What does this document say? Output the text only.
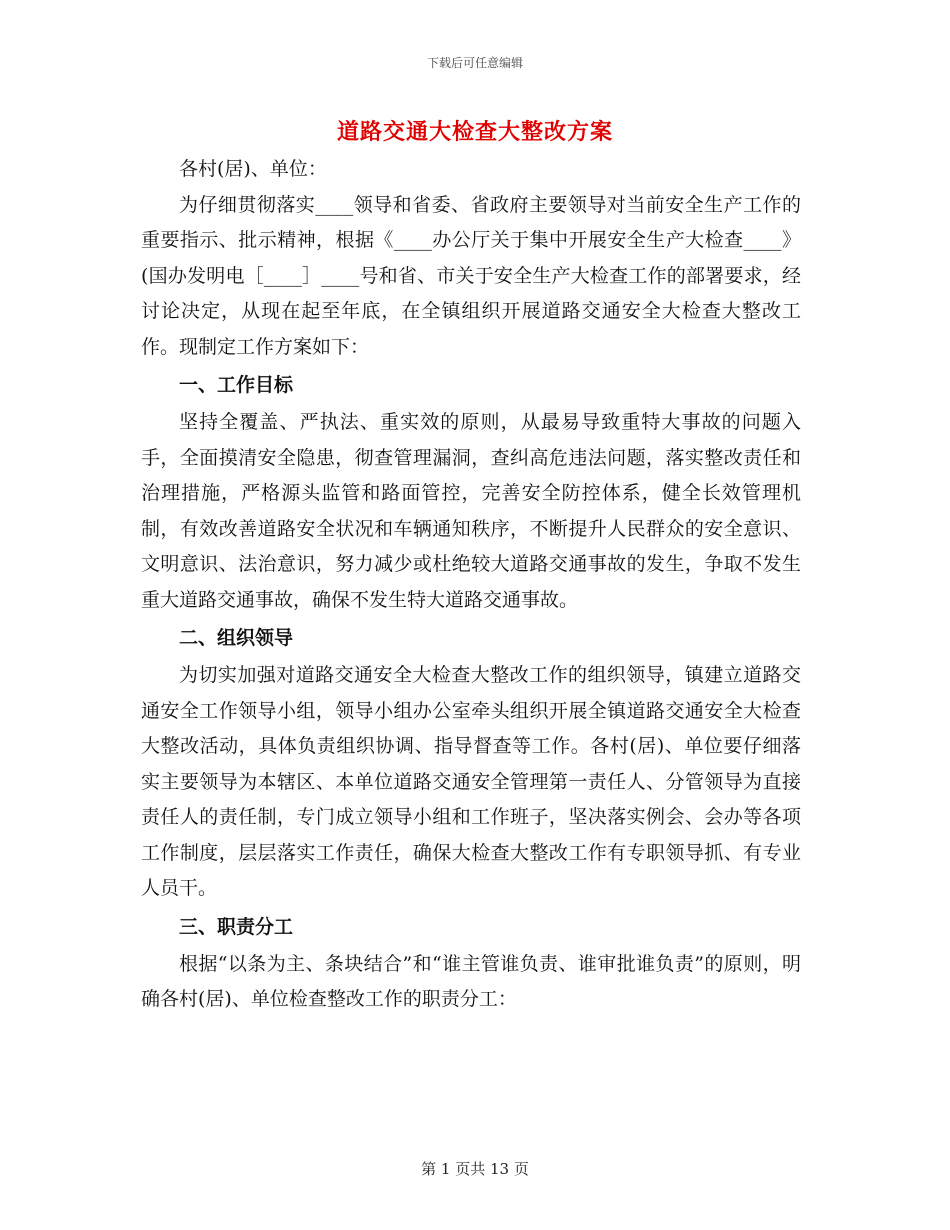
下载后可任意编辑
道路交通大检查大整改方案

各村(居)、单位：

为仔细贯彻落实____领导和省委、省政府主要领导对当前安全生产工作的重要指示、批示精神，根据《____办公厅关于集中开展安全生产大检查____》(国办发明电［____］____号和省、市关于安全生产大检查工作的部署要求，经讨论决定，从现在起至年底，在全镇组织开展道路交通安全大检查大整改工作。现制定工作方案如下：

一、工作目标

坚持全覆盖、严执法、重实效的原则，从最易导致重特大事故的问题入手，全面摸清安全隐患，彻查管理漏洞，查纠高危违法问题，落实整改责任和治理措施，严格源头监管和路面管控，完善安全防控体系，健全长效管理机制，有效改善道路安全状况和车辆通知秩序，不断提升人民群众的安全意识、文明意识、法治意识，努力减少或杜绝较大道路交通事故的发生，争取不发生重大道路交通事故，确保不发生特大道路交通事故。

二、组织领导

为切实加强对道路交通安全大检查大整改工作的组织领导，镇建立道路交通安全工作领导小组，领导小组办公室牵头组织开展全镇道路交通安全大检查大整改活动，具体负责组织协调、指导督查等工作。各村(居)、单位要仔细落实主要领导为本辖区、本单位道路交通安全管理第一责任人、分管领导为直接责任人的责任制，专门成立领导小组和工作班子，坚决落实例会、会办等各项工作制度，层层落实工作责任，确保大检查大整改工作有专职领导抓、有专业人员干。

三、职责分工

根据“以条为主、条块结合”和“谁主管谁负责、谁审批谁负责”的原则，明确各村(居)、单位检查整改工作的职责分工：

第 1 页共 13 页
